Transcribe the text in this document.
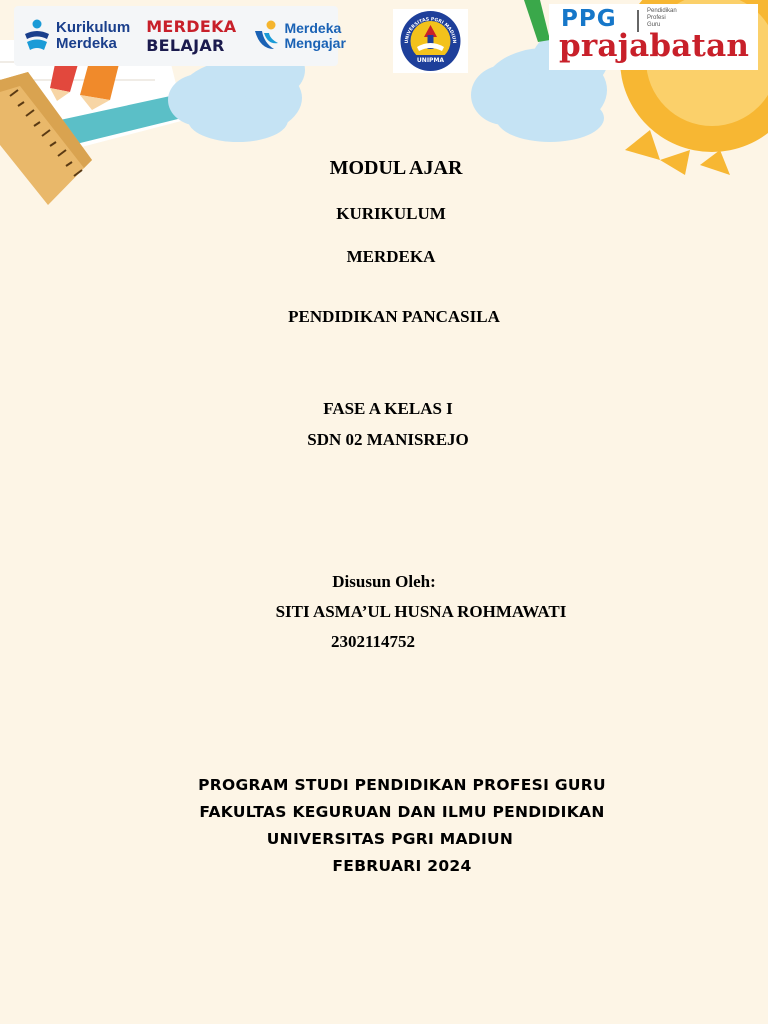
Kurikulum
Merdeka
MERDEKA
BELAJAR
Merdeka
Mengajar	UNIVERSITAS PGRI MADIUN
UNIPMA
PPG	Pendidikan
Profesi
Guru
prajabatan
MODUL AJAR
KURIKULUM
MERDEKA
PENDIDIKAN PANCASILA
FASE A KELAS I
SDN 02 MANISREJO
Disusun Oleh:
SITI ASMA’UL HUSNA ROHMAWATI
2302114752
PROGRAM STUDI PENDIDIKAN PROFESI GURU
FAKULTAS KEGURUAN DAN ILMU PENDIDIKAN
UNIVERSITAS PGRI MADIUN
FEBRUARI 2024
